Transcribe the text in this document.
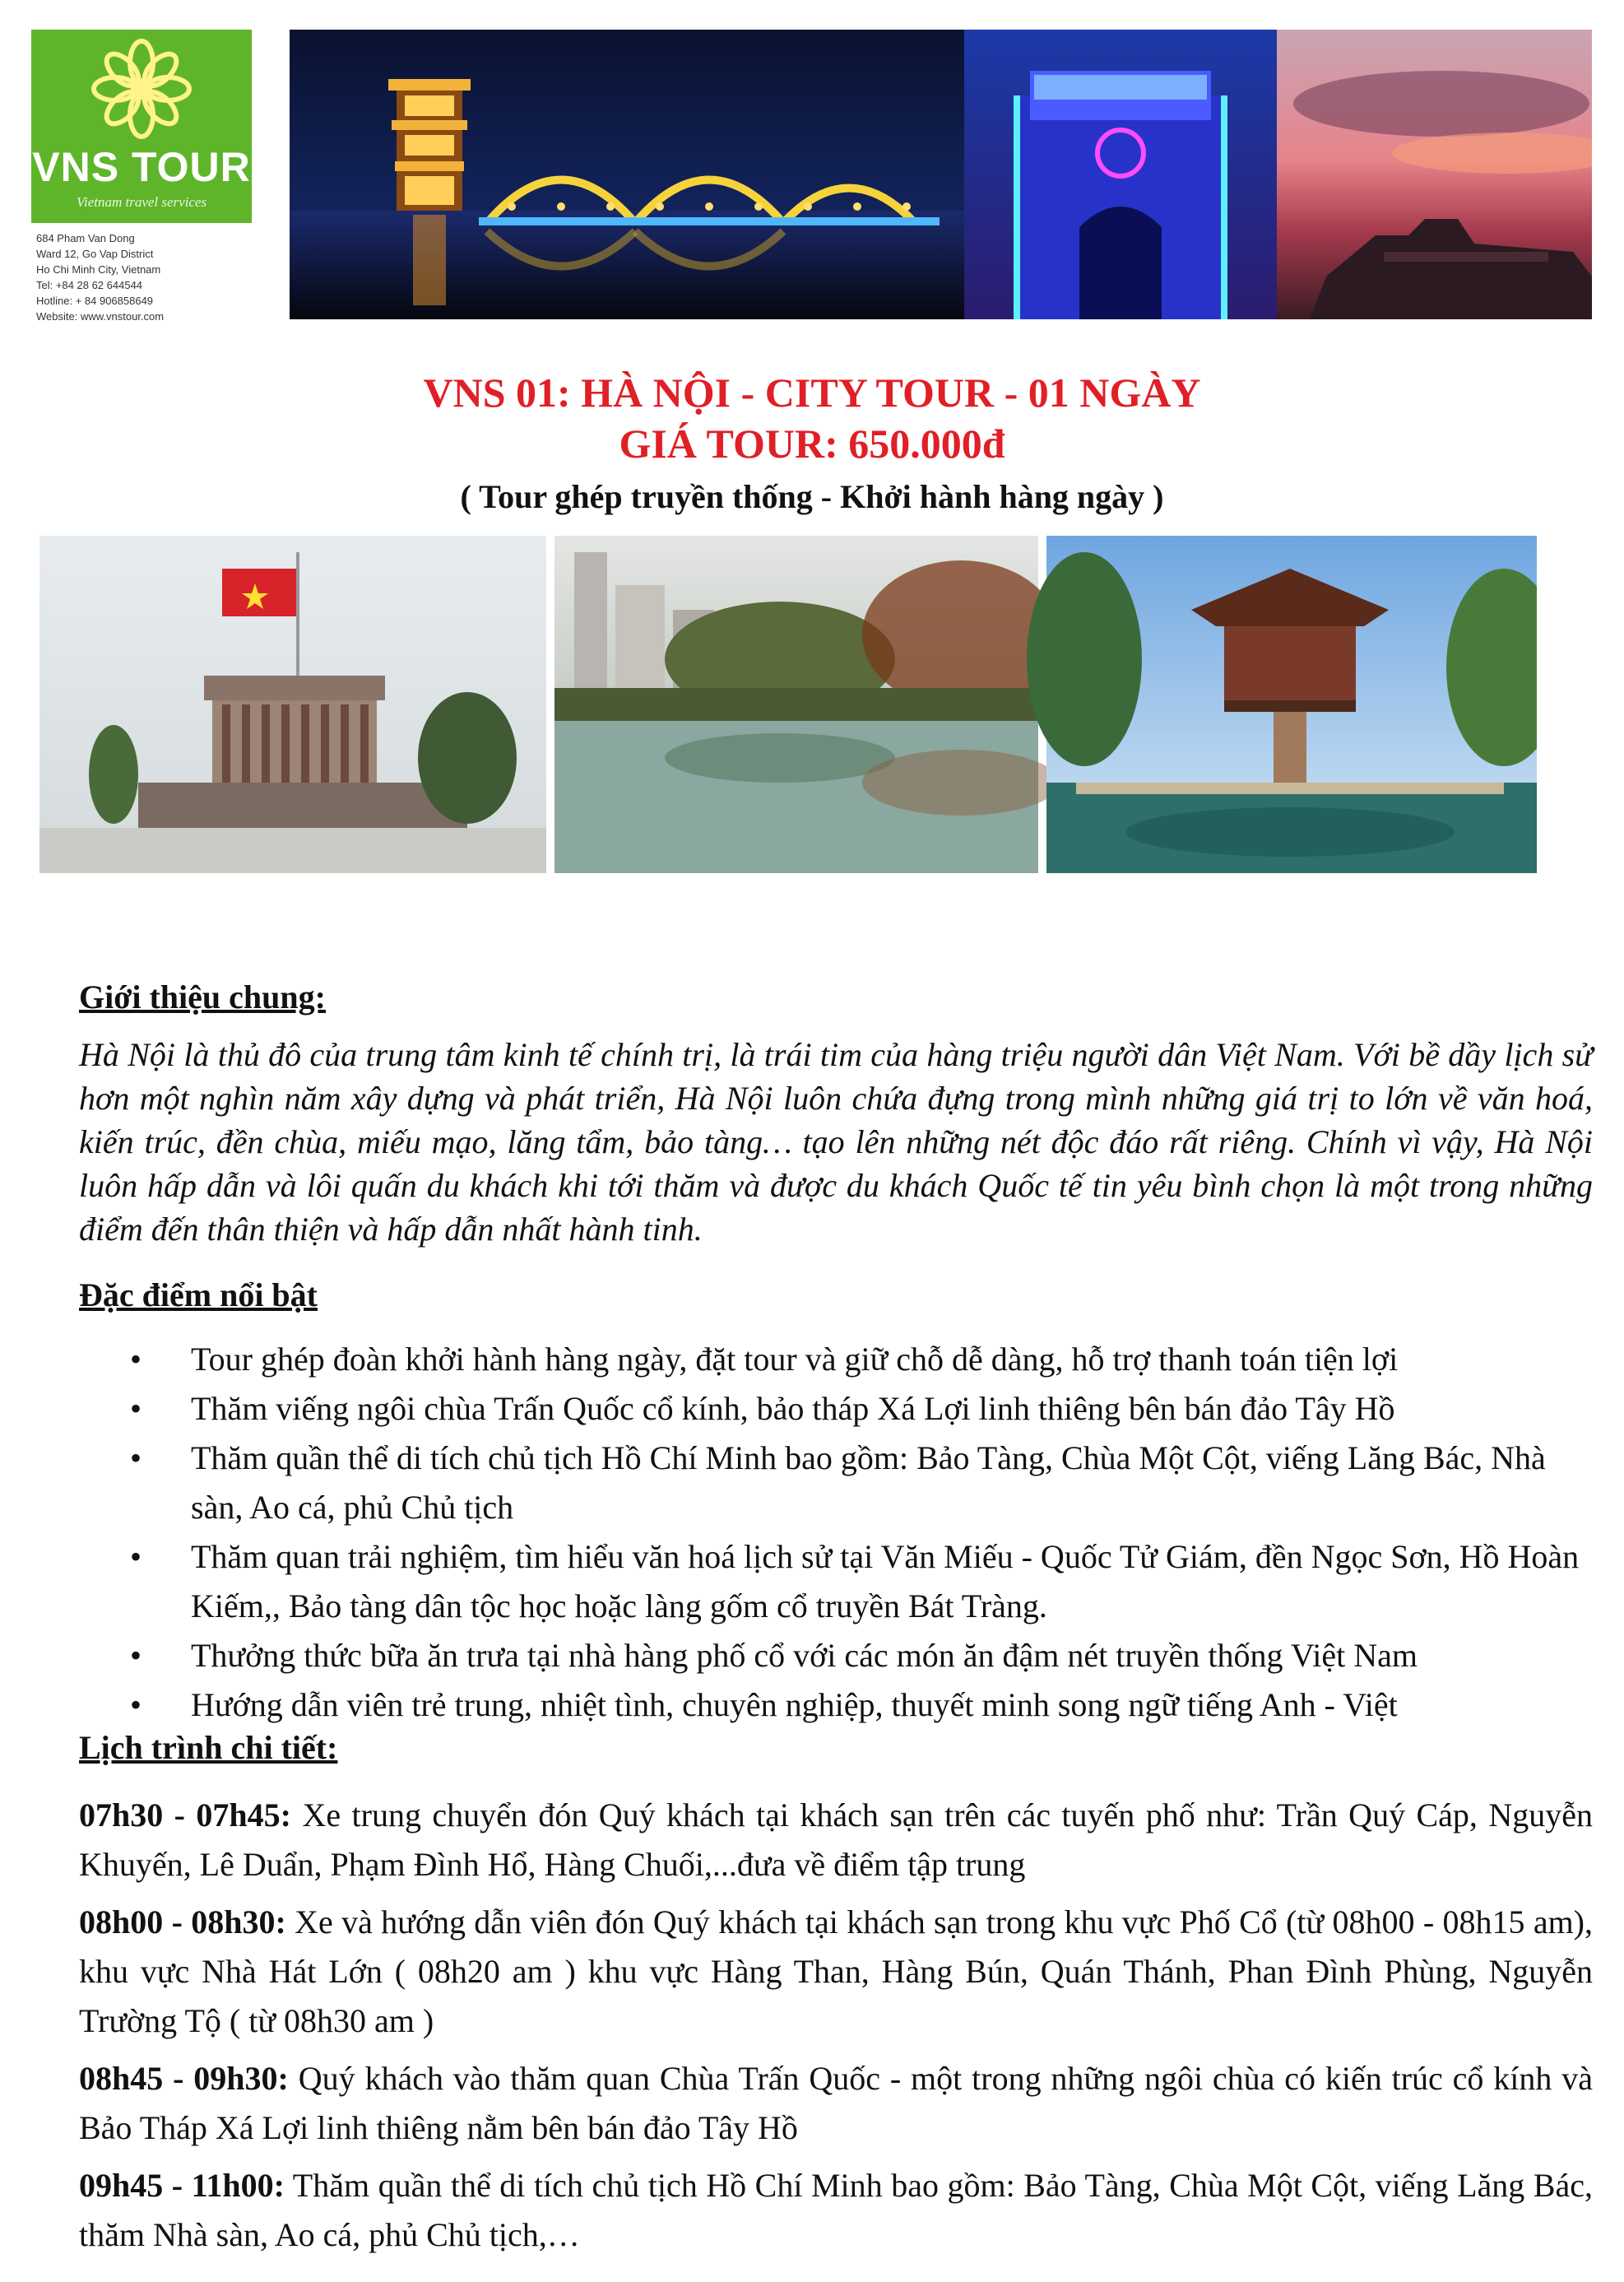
VNS TOUR
Vietnam travel services
684 Pham Van Dong
Ward 12, Go Vap District
Ho Chi Minh City, Vietnam
Tel: +84 28 62 644544
Hotline: + 84 906858649
Website: www.vnstour.com
VNS 01: HÀ NỘI - CITY TOUR - 01 NGÀY
GIÁ TOUR: 650.000đ
( Tour ghép truyền thống - Khởi hành hàng ngày )
Giới thiệu chung:
Hà Nội là thủ đô của trung tâm kinh tế chính trị, là trái tim của hàng triệu người dân Việt Nam. Với bề dầy lịch sử hơn một nghìn năm xây dựng và phát triển, Hà Nội luôn chứa đựng trong mình những giá trị to lớn về văn hoá, kiến trúc, đền chùa, miếu mạo, lăng tẩm, bảo tàng… tạo lên những nét độc đáo rất riêng. Chính vì vậy, Hà Nội luôn hấp dẫn và lôi quấn du khách khi tới thăm và được du khách Quốc tế tin yêu bình chọn là một trong những điểm đến thân thiện và hấp dẫn nhất hành tinh.
Đặc điểm nổi bật
• Tour ghép đoàn khởi hành hàng ngày, đặt tour và giữ chỗ dễ dàng, hỗ trợ thanh toán tiện lợi
• Thăm viếng ngôi chùa Trấn Quốc cổ kính, bảo tháp Xá Lợi linh thiêng bên bán đảo Tây Hồ
• Thăm quần thể di tích chủ tịch Hồ Chí Minh bao gồm: Bảo Tàng, Chùa Một Cột, viếng Lăng Bác, Nhà sàn, Ao cá, phủ Chủ tịch
• Thăm quan trải nghiệm, tìm hiểu văn hoá lịch sử tại Văn Miếu - Quốc Tử Giám, đền Ngọc Sơn, Hồ Hoàn Kiếm,, Bảo tàng dân tộc học hoặc làng gốm cổ truyền Bát Tràng.
• Thưởng thức bữa ăn trưa tại nhà hàng phố cổ với các món ăn đậm nét truyền thống Việt Nam
• Hướng dẫn viên trẻ trung, nhiệt tình, chuyên nghiệp, thuyết minh song ngữ tiếng Anh - Việt
Lịch trình chi tiết:
07h30 - 07h45: Xe trung chuyển đón Quý khách tại khách sạn trên các tuyến phố như: Trần Quý Cáp, Nguyễn Khuyến, Lê Duẩn, Phạm Đình Hổ, Hàng Chuối,...đưa về điểm tập trung
08h00 - 08h30: Xe và hướng dẫn viên đón Quý khách tại khách sạn trong khu vực Phố Cổ (từ 08h00 - 08h15 am), khu vực Nhà Hát Lớn ( 08h20 am ) khu vực Hàng Than, Hàng Bún, Quán Thánh, Phan Đình Phùng, Nguyễn Trường Tộ ( từ 08h30 am )
08h45 - 09h30: Quý khách vào thăm quan Chùa Trấn Quốc - một trong những ngôi chùa có kiến trúc cổ kính và Bảo Tháp Xá Lợi linh thiêng nằm bên bán đảo Tây Hồ
09h45 - 11h00: Thăm quần thể di tích chủ tịch Hồ Chí Minh bao gồm: Bảo Tàng, Chùa Một Cột, viếng Lăng Bác, thăm Nhà sàn, Ao cá, phủ Chủ tịch,…
